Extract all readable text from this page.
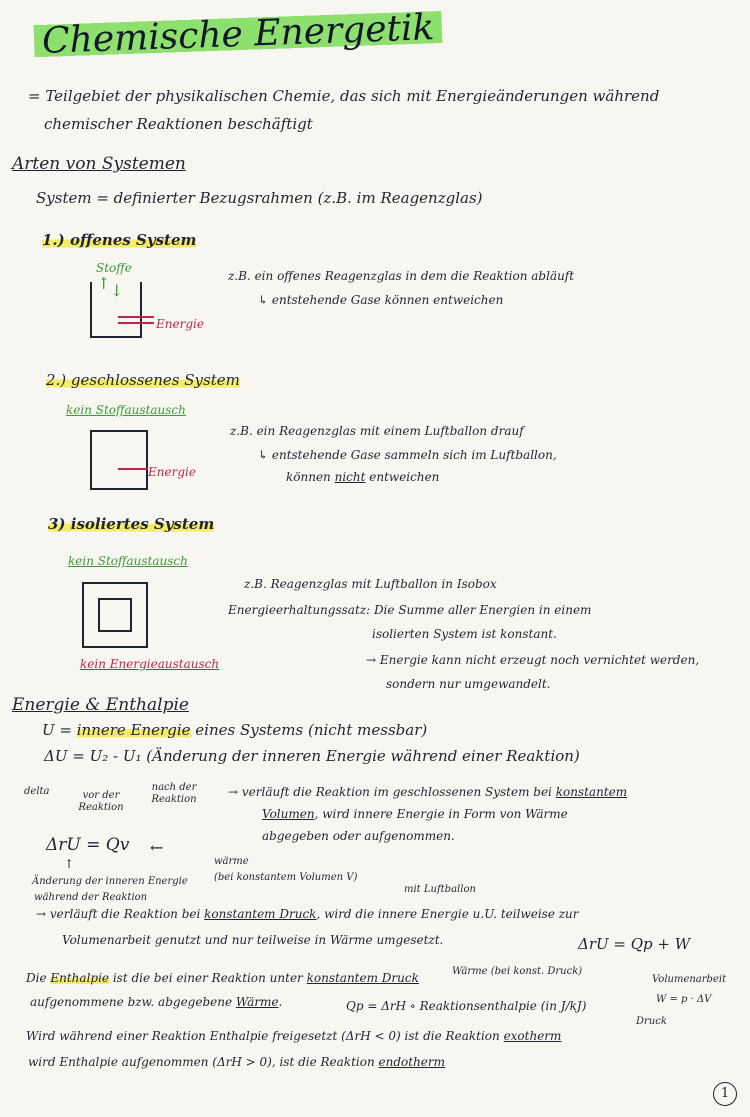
Chemische Energetik
= Teilgebiet der physikalischen Chemie, das sich mit Energieänderungen während
chemischer Reaktionen beschäftigt
Arten von Systemen
System = definierter Bezugsrahmen (z.B. im Reagenzglas)
1.) offenes System
Stoffe
↑ ↓
Energie
z.B. ein offenes Reagenzglas in dem die Reaktion abläuft
↳ entstehende Gase können entweichen
2.) geschlossenes System
kein Stoffaustausch
Energie
z.B. ein Reagenzglas mit einem Luftballon drauf
↳ entstehende Gase sammeln sich im Luftballon,
können nicht entweichen
3) isoliertes System
kein Stoffaustausch
kein Energieaustausch
z.B. Reagenzglas mit Luftballon in Isobox
Energieerhaltungssatz: Die Summe aller Energien in einem
isolierten System ist konstant.
→ Energie kann nicht erzeugt noch vernichtet werden,
sondern nur umgewandelt.
Energie & Enthalpie
U = innere Energie eines Systems (nicht messbar)
ΔU = U₂ - U₁ (Änderung der inneren Energie während einer Reaktion)
delta	vor der Reaktion
nach der Reaktion	→ verläuft die Reaktion im geschlossenen System bei konstantem
Volumen, wird innere Energie in Form von Wärme
abgegeben oder aufgenommen.
ΔrU = Qv ←
wärme
(bei konstantem Volumen V)
↑
Änderung der inneren Energie
während der Reaktion
mit Luftballon
→ verläuft die Reaktion bei konstantem Druck, wird die innere Energie u.U. teilweise zur
Volumenarbeit genutzt und nur teilweise in Wärme umgesetzt.	ΔrU = Qp + W
Wärme (bei konst. Druck)
Volumenarbeit
W = p · ΔV
Druck
Die Enthalpie ist die bei einer Reaktion unter konstantem Druck
aufgenommene bzw. abgegebene Wärme.	Qp = ΔrH ∘ Reaktionsenthalpie (in J/kJ)
Wird während einer Reaktion Enthalpie freigesetzt (ΔrH < 0) ist die Reaktion exotherm
wird Enthalpie aufgenommen (ΔrH > 0), ist die Reaktion endotherm
1
